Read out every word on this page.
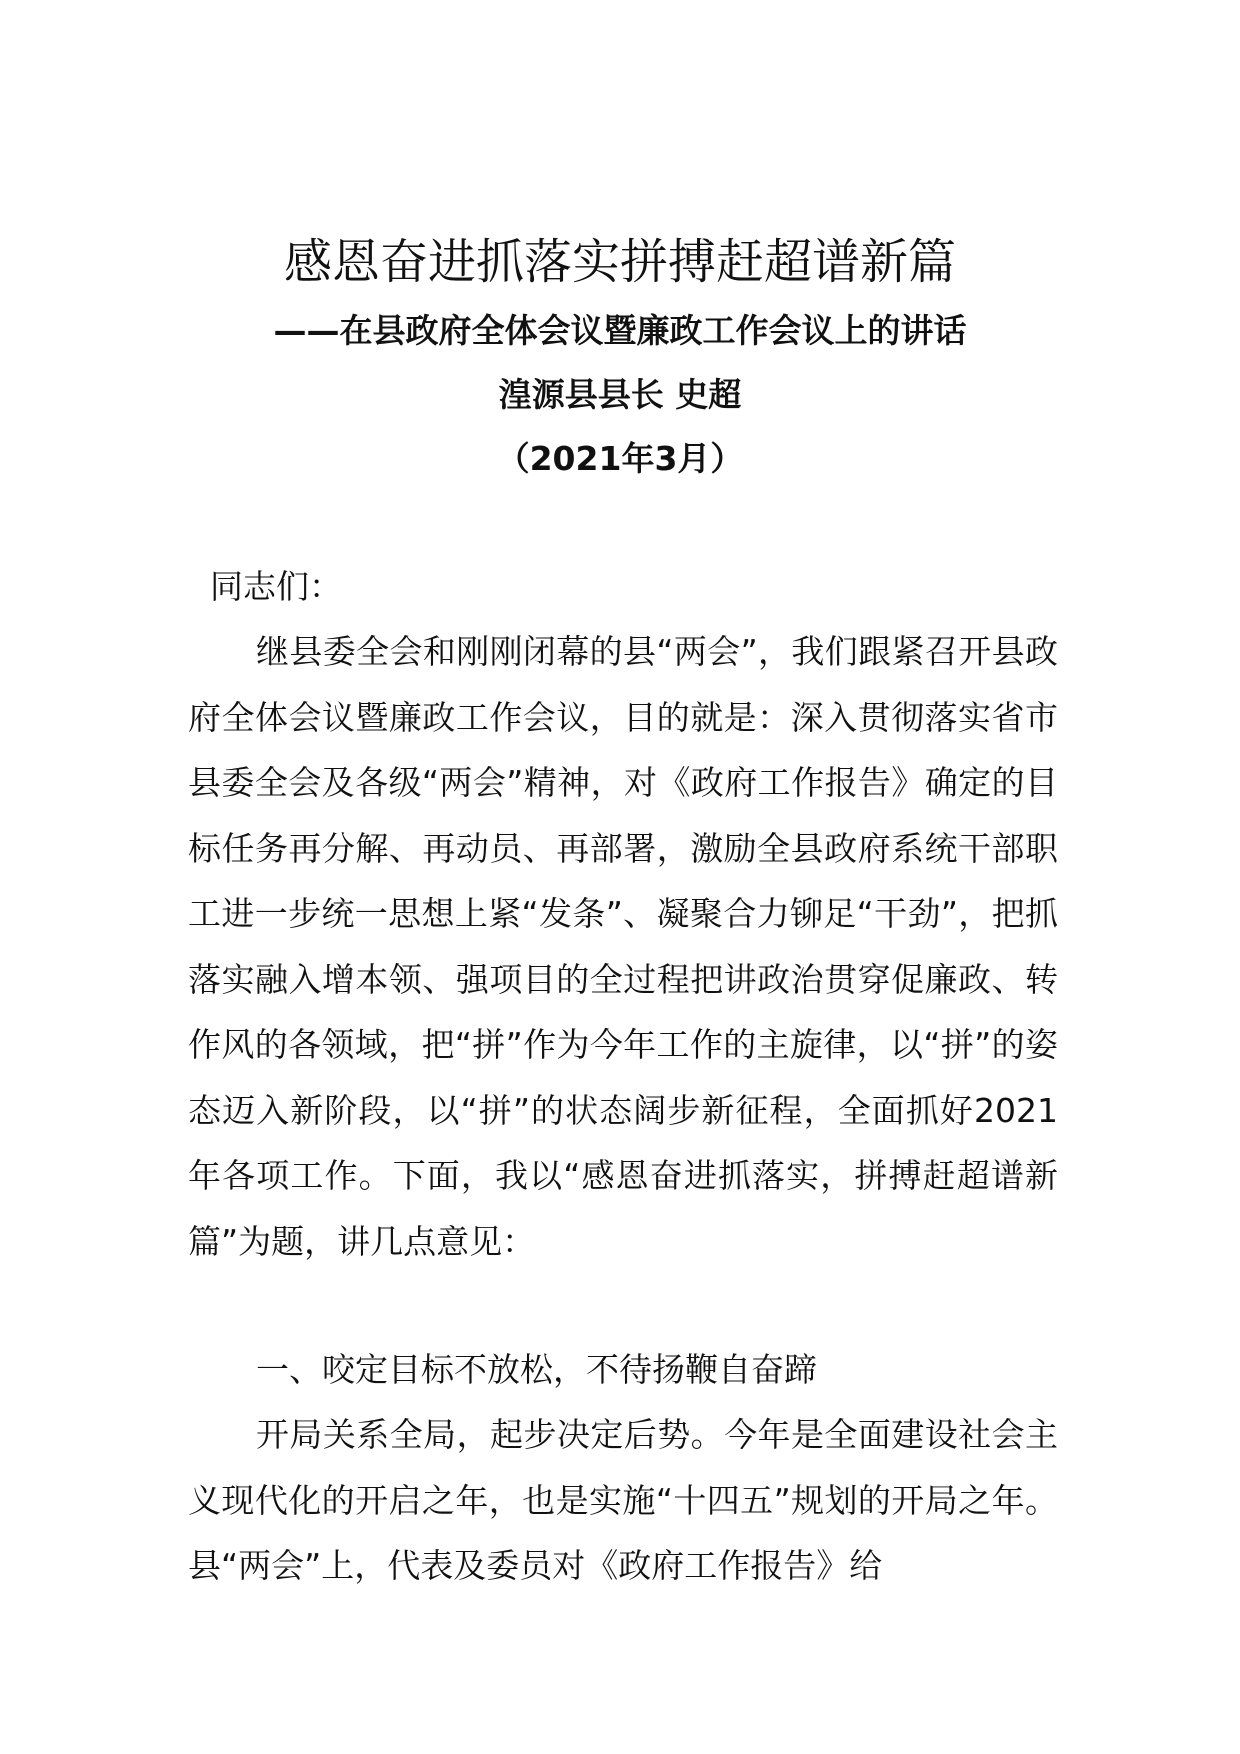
感恩奋进抓落实拼搏赶超谱新篇
——在县政府全体会议暨廉政工作会议上的讲话
湟源县县长 史超
（2021年3月）
同志们：
继县委全会和刚刚闭幕的县“两会”，我们跟紧召开县政府全体会议暨廉政工作会议，目的就是：深入贯彻落实省市县委全会及各级“两会”精神，对《政府工作报告》确定的目标任务再分解、再动员、再部署，激励全县政府系统干部职工进一步统一思想上紧“发条”、凝聚合力铆足“干劲”，把抓落实融入增本领、强项目的全过程把讲政治贯穿促廉政、转作风的各领域，把“拼”作为今年工作的主旋律，以“拼”的姿态迈入新阶段，以“拼”的状态阔步新征程，全面抓好2021年各项工作。下面，我以“感恩奋进抓落实，拼搏赶超谱新篇”为题，讲几点意见：
一、咬定目标不放松，不待扬鞭自奋蹄
开局关系全局，起步决定后势。今年是全面建设社会主义现代化的开启之年，也是实施“十四五”规划的开局之年。县“两会”上，代表及委员对《政府工作报告》给
